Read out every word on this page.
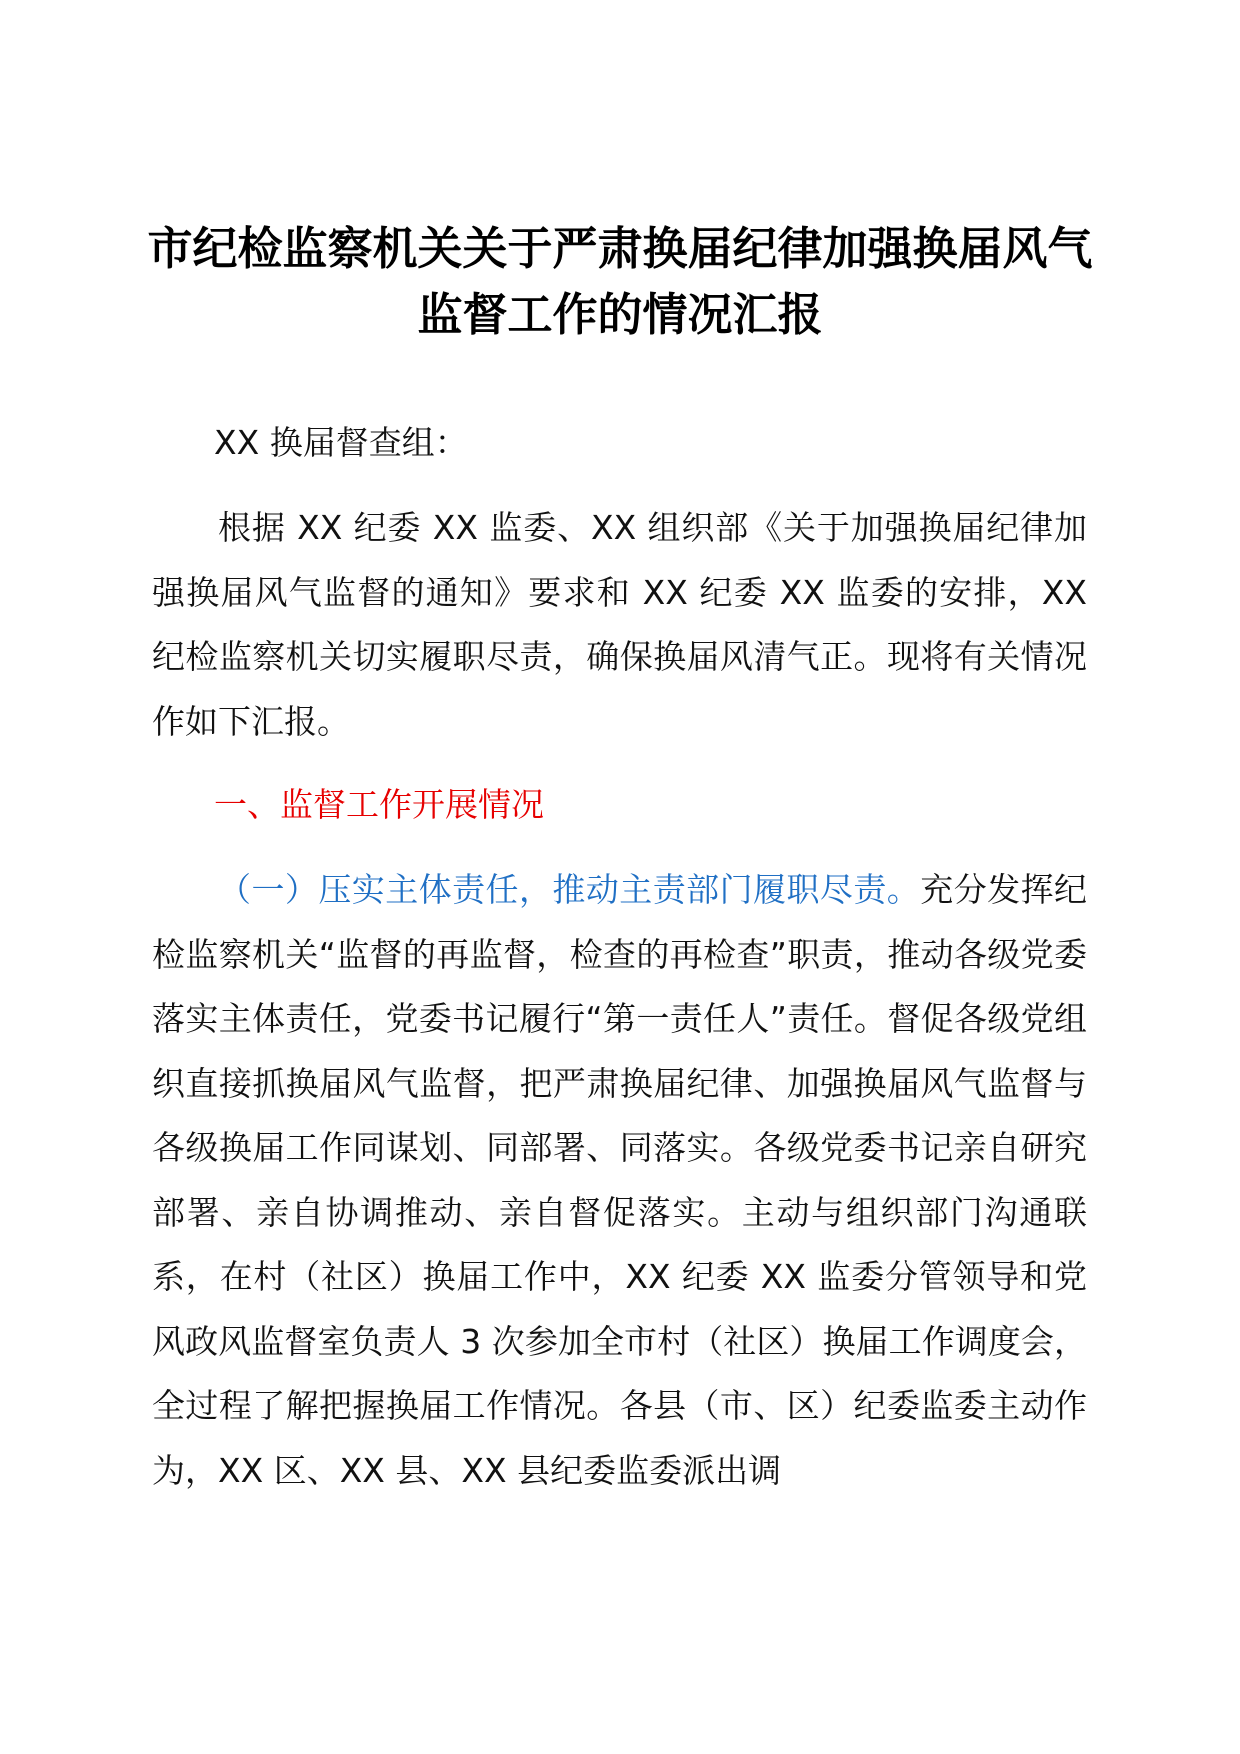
市纪检监察机关关于严肃换届纪律加强换届风气监督工作的情况汇报
XX 换届督查组：
根据 XX 纪委 XX 监委、XX 组织部《关于加强换届纪律加强换届风气监督的通知》要求和 XX 纪委 XX 监委的安排，XX 纪检监察机关切实履职尽责，确保换届风清气正。现将有关情况作如下汇报。
一、监督工作开展情况
（一）压实主体责任，推动主责部门履职尽责。充分发挥纪检监察机关“监督的再监督，检查的再检查”职责，推动各级党委落实主体责任，党委书记履行“第一责任人”责任。督促各级党组织直接抓换届风气监督，把严肃换届纪律、加强换届风气监督与各级换届工作同谋划、同部署、同落实。各级党委书记亲自研究部署、亲自协调推动、亲自督促落实。主动与组织部门沟通联系，在村（社区）换届工作中，XX 纪委 XX 监委分管领导和党风政风监督室负责人 3 次参加全市村（社区）换届工作调度会，全过程了解把握换届工作情况。各县（市、区）纪委监委主动作为，XX 区、XX 县、XX 县纪委监委派出调
